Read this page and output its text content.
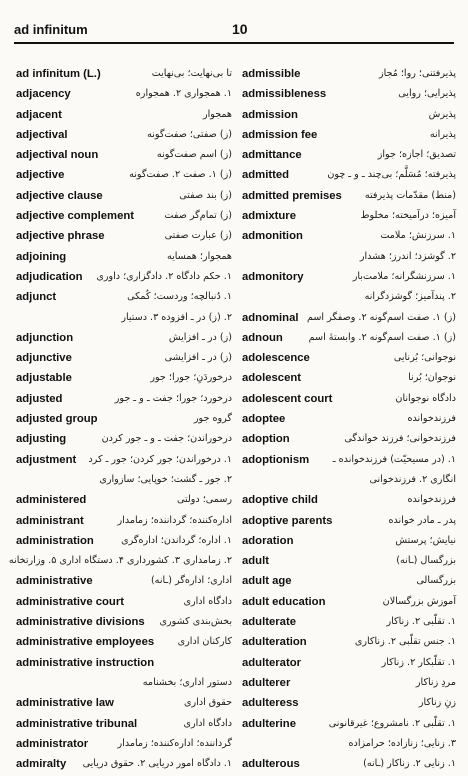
ad infinitum	10
ad infinitum (L.)	تا بی‌نهایت؛ بی‌نهایت
adjacency	۱. همجواری ۲. همجواره
adjacent	همجوار
adjectival	(ز) صفتی؛ صفت‌گونه
adjectival noun	(ز) اسم صفت‌گونه
adjective	(ز) ۱. صفت ۲. صفت‌گونه
adjective clause	(ز) بند صفتی
adjective complement	(ز) تمام‌گر صفت
adjective phrase	(ز) عبارت صفتی
adjoining	همجوار؛ همسایه
adjudication ۱. حکم دادگاه ۲. دادگزاری؛ داوری
adjunct	۱. دُنبالچه؛ وردست؛ کُمکی
۲. (ز) در ـ افزوده ۳. دستیار
adjunction	(ز) در ـ افزایش
adjunctive	(ز) در ـ افزایشی
adjustable	درخوردَنِ؛ جورا؛ جور
adjusted	درخورد؛ جورا؛ جفت ـ و ـ جور
adjusted group	گروه جور
adjusting	درخوراندن؛ جفت ـ و ـ جور کردن
adjustment ۱. درخوراندن؛ جور کردن؛ جور ـ کرد
۲. جور ـ گشت؛ خوپایی؛ سازواری
administered	رسمی؛ دولتی
administrant	اداره‌کننده؛ گرداننده؛ زمامدار
administration	۱. اداره؛ گرداندن؛ اداره‌گری
۲. زمامداری ۳. کشورداری ۴. دستگاه اداری ۵. وزارتخانه
administrative	اداری؛ اداره‌گر (ـانه)
administrative court	دادگاه اداری
administrative divisions بخش‌بندی کشوری
administrative employees کارکنان اداری
administrative instruction
دستور اداری؛ بخشنامه
administrative law	حقوق اداری
administrative tribunal	دادگاه اداری
administrator	گرداننده؛ اداره‌کننده؛ زمامدار
admiralty ۱. دادگاه امور دریایی ۲. حقوق دریایی
admissible	پذیرفتنی؛ روا؛ مُجاز
admissibleness	پذیرایی؛ روایی
admission	پذیرش
admission fee	پذیرانه
admittance	تصدیق؛ اجازه؛ جواز
admitted	پذیرفته؛ مُسَلَّم؛ بی‌چند ـ و ـ چون
admitted premises (منط) مقدّمات پذیرفته
admixture	آمیزه؛ درآمیخته؛ مخلوط
admonition	۱. سرزنش؛ ملامت
۲. گوشزد؛ اندرز؛ هشدار
admonitory	۱. سرزنشگرانه؛ ملامت‌بار
۲. پندآمیز؛ گوشزدگرانه
adnominal (ز) ۱. صفت اسم‌گونه ۲. وصفگر اسم
adnoun	(ز) ۱. صفت اسم‌گونه ۲. وابستهٔ اسم
adolescence	نوجوانی؛ بُرنایی
adolescent	نوجوان؛ بُرنا
adolescent court	دادگاه نوجوانان
adoptee	فرزندخوانده
adoption	فرزندخوانی؛ فرزند خواندگی
adoptionism ۱. (در مسیحیّت) فرزندخوانده ـ
انگاری ۲. فرزندخوانی
adoptive child	فرزندخوانده
adoptive parents	پدر ـ مادر خوانده
adoration	نیایش؛ پرستش
adult	بزرگسال (ـانه)
adult age	بزرگسالی
adult education	آموزش بزرگسالان
adulterate	۱. تقلّبی ۲. زناکار
adulteration	۱. جنس تقلّبی ۲. زناکاری
adulterator	۱. تقلّبکار ۲. زناکار
adulterer	مردِ زناکار
adulteress	زنِ زناکار
adulterine	۱. تقلّبی ۲. نامشروع؛ غیرقانونی
۳. زنایی؛ زنازاده؛ حرامزاده
adulterous	۱. زنایی ۲. زناکار (ـانه)
